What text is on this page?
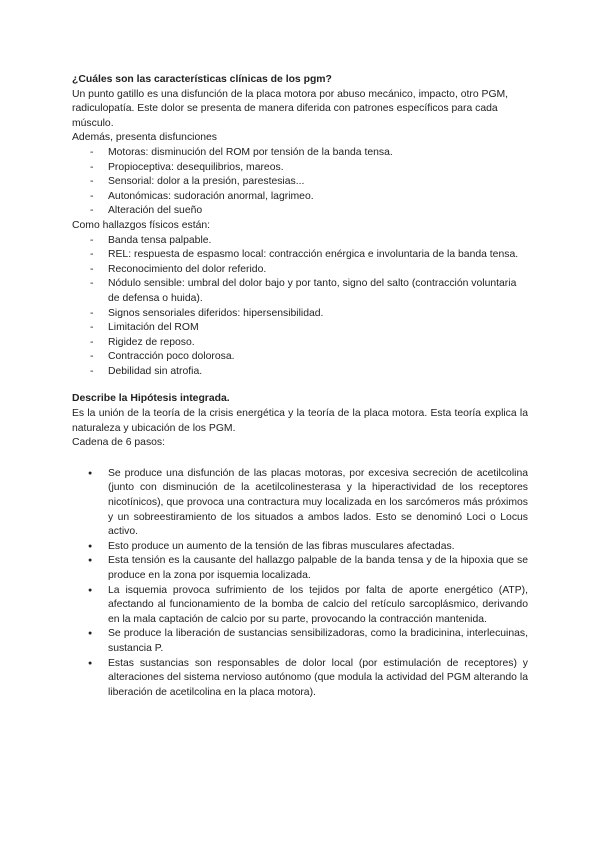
¿Cuáles son las características clínicas de los pgm?

Un punto gatillo es una disfunción de la placa motora por abuso mecánico, impacto, otro PGM, radiculopatía. Este dolor se presenta de manera diferida con patrones específicos para cada músculo.

Además, presenta disfunciones

- Motoras: disminución del ROM por tensión de la banda tensa.
- Propioceptiva: desequilibrios, mareos.
- Sensorial: dolor a la presión, parestesias...
- Autonómicas: sudoración anormal, lagrimeo.
- Alteración del sueño

Como hallazgos físicos están:

- Banda tensa palpable.
- REL: respuesta de espasmo local: contracción enérgica e involuntaria de la banda tensa.
- Reconocimiento del dolor referido.
- Nódulo sensible: umbral del dolor bajo y por tanto, signo del salto (contracción voluntaria de defensa o huida).
- Signos sensoriales diferidos: hipersensibilidad.
- Limitación del ROM
- Rigidez de reposo.
- Contracción poco dolorosa.
- Debilidad sin atrofia.
Describe la Hipótesis integrada.

Es la unión de la teoría de la crisis energética y la teoría de la placa motora. Esta teoría explica la naturaleza y ubicación de los PGM.

Cadena de 6 pasos:

● Se produce una disfunción de las placas motoras, por excesiva secreción de acetilcolina (junto con disminución de la acetilcolinesterasa y la hiperactividad de los receptores nicotínicos), que provoca una contractura muy localizada en los sarcómeros más próximos y un sobreestiramiento de los situados a ambos lados. Esto se denominó Loci o Locus activo.
● Esto produce un aumento de la tensión de las fibras musculares afectadas.
● Esta tensión es la causante del hallazgo palpable de la banda tensa y de la hipoxia que se produce en la zona por isquemia localizada.
● La isquemia provoca sufrimiento de los tejidos por falta de aporte energético (ATP), afectando al funcionamiento de la bomba de calcio del retículo sarcoplásmico, derivando en la mala captación de calcio por su parte, provocando la contracción mantenida.
● Se produce la liberación de sustancias sensibilizadoras, como la bradicinina, interlecuinas, sustancia P.
● Estas sustancias son responsables de dolor local (por estimulación de receptores) y alteraciones del sistema nervioso autónomo (que modula la actividad del PGM alterando la liberación de acetilcolina en la placa motora).
